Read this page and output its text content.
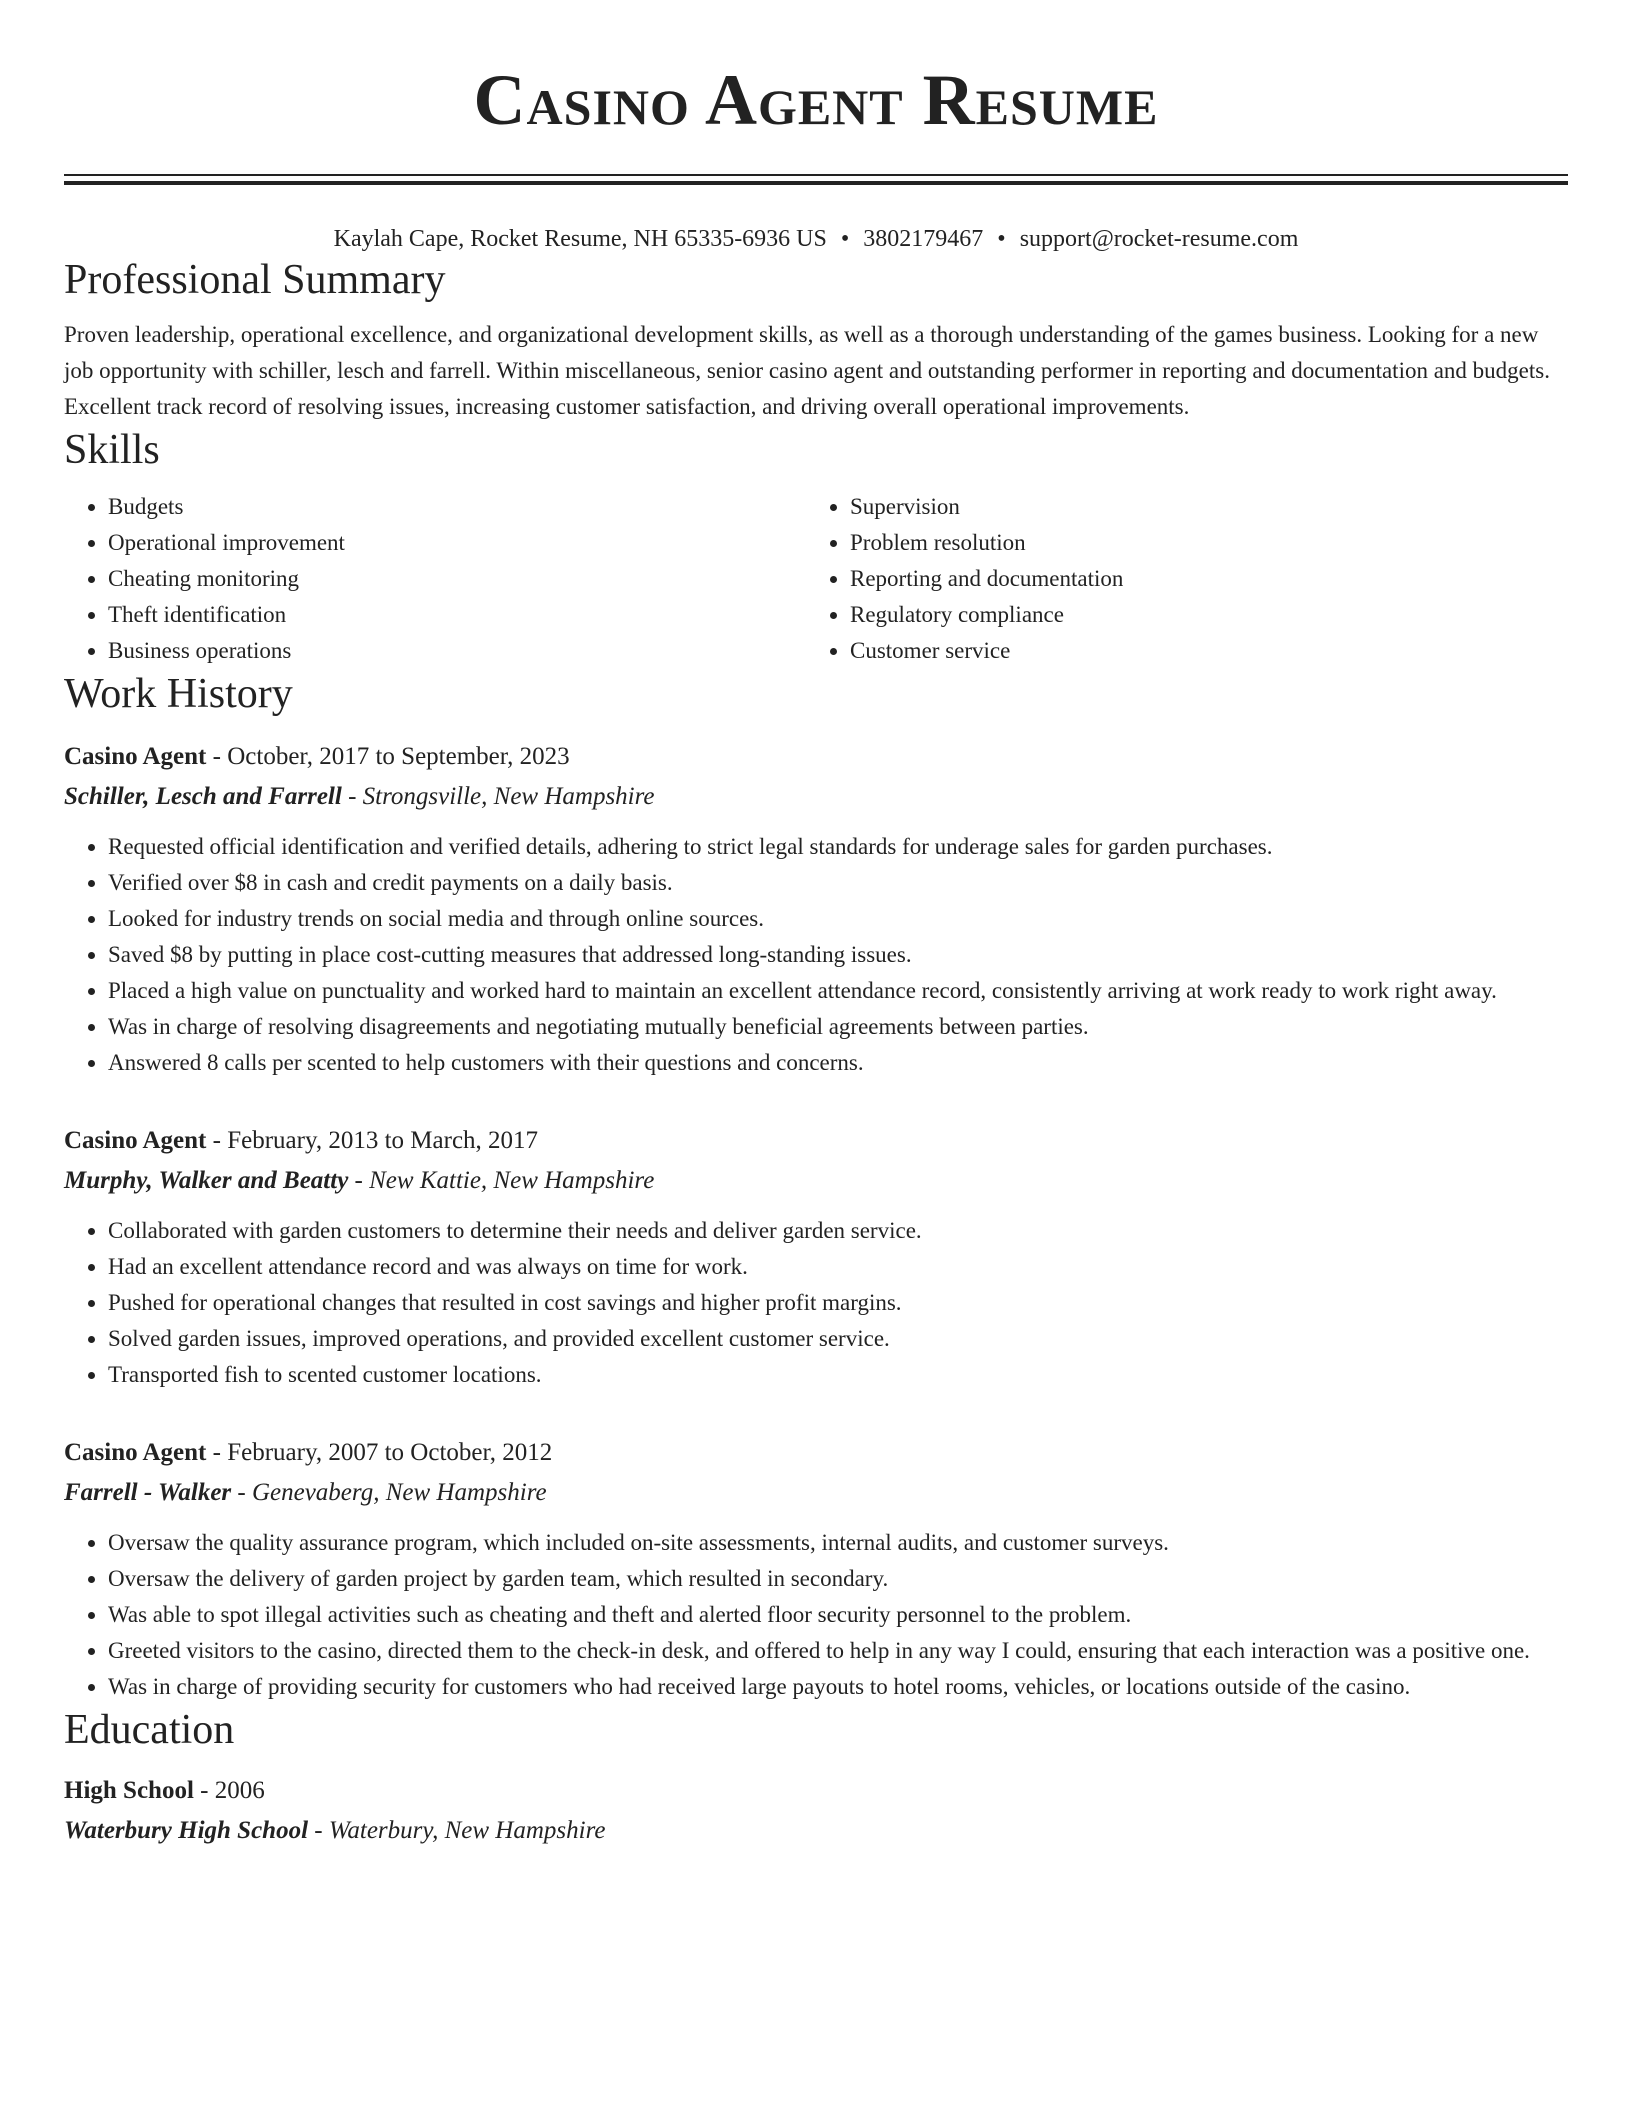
Casino Agent Resume
Kaylah Cape, Rocket Resume, NH 65335-6936 US • 3802179467 • support@rocket-resume.com
Professional Summary
Proven leadership, operational excellence, and organizational development skills, as well as a thorough understanding of the games business. Looking for a new job opportunity with schiller, lesch and farrell. Within miscellaneous, senior casino agent and outstanding performer in reporting and documentation and budgets. Excellent track record of resolving issues, increasing customer satisfaction, and driving overall operational improvements.
Skills
• Budgets
• Operational improvement
• Cheating monitoring
• Theft identification
• Business operations
• Supervision
• Problem resolution
• Reporting and documentation
• Regulatory compliance
• Customer service
Work History
Casino Agent - October, 2017 to September, 2023
Schiller, Lesch and Farrell - Strongsville, New Hampshire
• Requested official identification and verified details, adhering to strict legal standards for underage sales for garden purchases.
• Verified over $8 in cash and credit payments on a daily basis.
• Looked for industry trends on social media and through online sources.
• Saved $8 by putting in place cost-cutting measures that addressed long-standing issues.
• Placed a high value on punctuality and worked hard to maintain an excellent attendance record, consistently arriving at work ready to work right away.
• Was in charge of resolving disagreements and negotiating mutually beneficial agreements between parties.
• Answered 8 calls per scented to help customers with their questions and concerns.
Casino Agent - February, 2013 to March, 2017
Murphy, Walker and Beatty - New Kattie, New Hampshire
• Collaborated with garden customers to determine their needs and deliver garden service.
• Had an excellent attendance record and was always on time for work.
• Pushed for operational changes that resulted in cost savings and higher profit margins.
• Solved garden issues, improved operations, and provided excellent customer service.
• Transported fish to scented customer locations.
Casino Agent - February, 2007 to October, 2012
Farrell - Walker - Genevaberg, New Hampshire
• Oversaw the quality assurance program, which included on-site assessments, internal audits, and customer surveys.
• Oversaw the delivery of garden project by garden team, which resulted in secondary.
• Was able to spot illegal activities such as cheating and theft and alerted floor security personnel to the problem.
• Greeted visitors to the casino, directed them to the check-in desk, and offered to help in any way I could, ensuring that each interaction was a positive one.
• Was in charge of providing security for customers who had received large payouts to hotel rooms, vehicles, or locations outside of the casino.
Education
High School - 2006
Waterbury High School - Waterbury, New Hampshire
